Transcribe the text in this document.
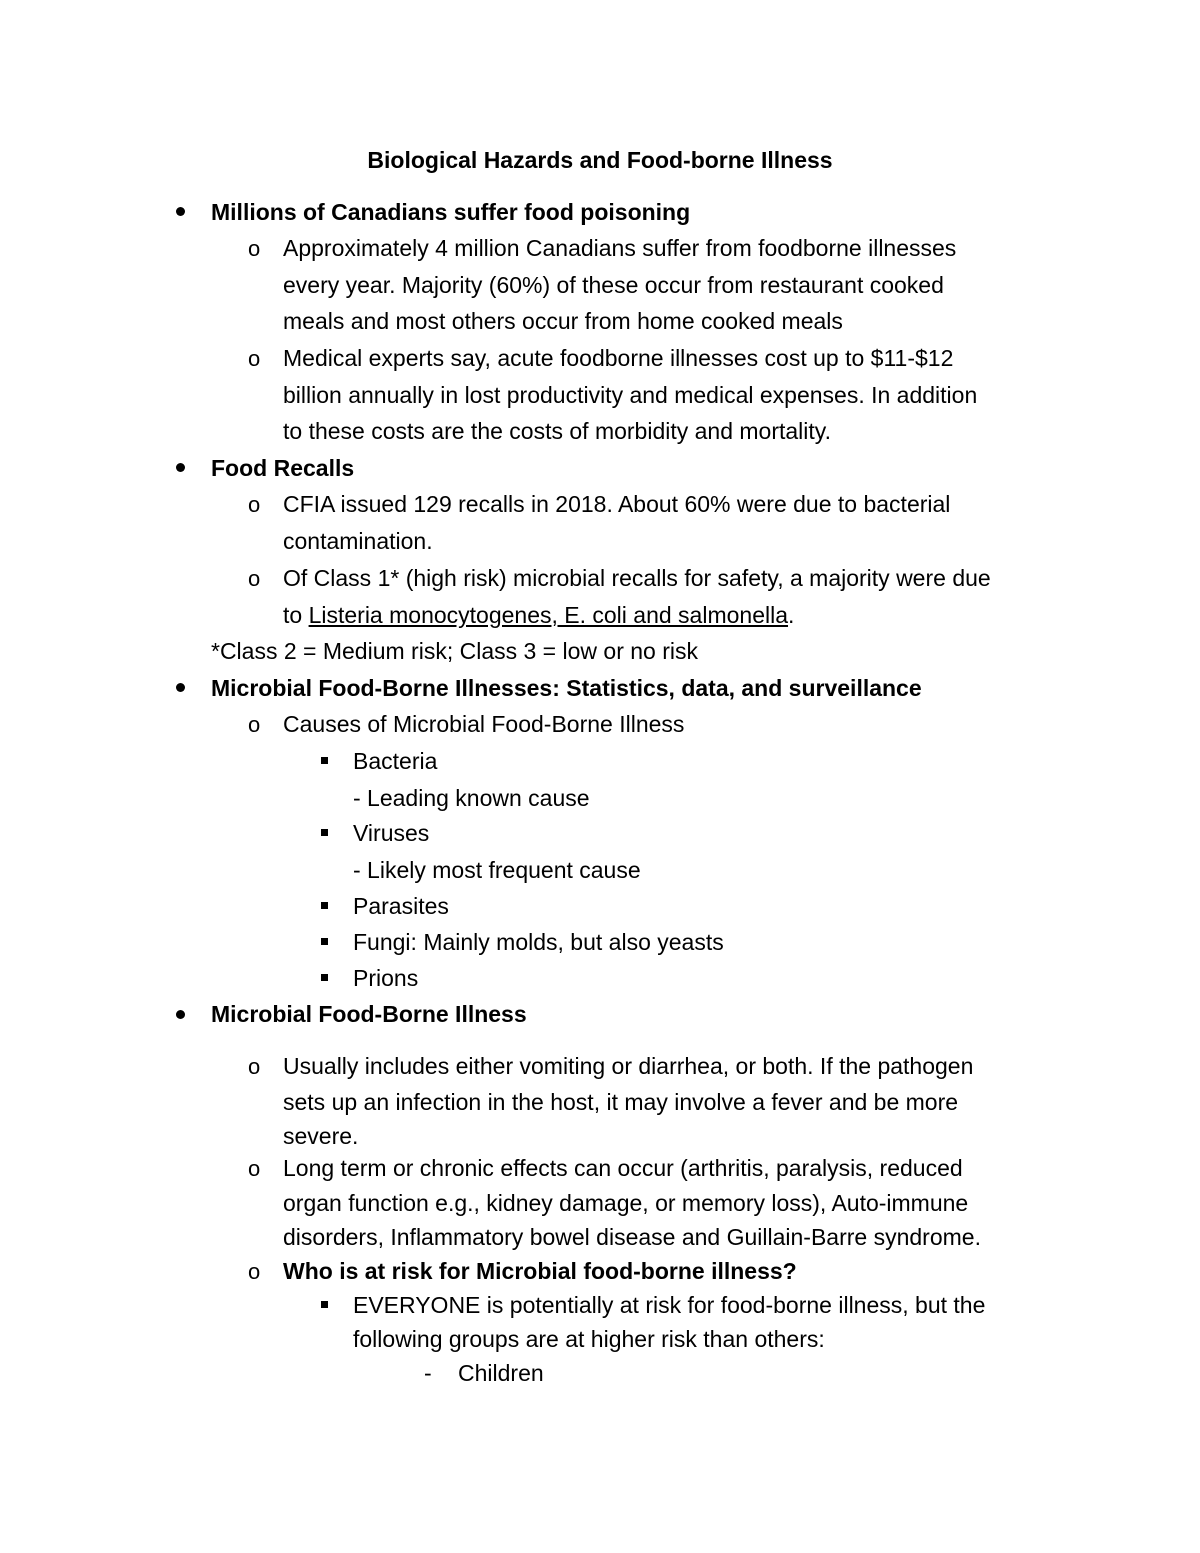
Biological Hazards and Food-borne Illness
Millions of Canadians suffer food poisoning
o Approximately 4 million Canadians suffer from foodborne illnesses
every year. Majority (60%) of these occur from restaurant cooked
meals and most others occur from home cooked meals
o Medical experts say, acute foodborne illnesses cost up to $11-$12
billion annually in lost productivity and medical expenses. In addition
to these costs are the costs of morbidity and mortality.
Food Recalls
o CFIA issued 129 recalls in 2018. About 60% were due to bacterial
contamination.
o Of Class 1* (high risk) microbial recalls for safety, a majority were due
to Listeria monocytogenes, E. coli and salmonella.
*Class 2 = Medium risk; Class 3 = low or no risk
Microbial Food-Borne Illnesses: Statistics, data, and surveillance
o Causes of Microbial Food-Borne Illness
Bacteria
- Leading known cause
Viruses
- Likely most frequent cause
Parasites
Fungi: Mainly molds, but also yeasts
Prions
Microbial Food-Borne Illness
o Usually includes either vomiting or diarrhea, or both. If the pathogen
sets up an infection in the host, it may involve a fever and be more
severe.
o Long term or chronic effects can occur (arthritis, paralysis, reduced
organ function e.g., kidney damage, or memory loss), Auto-immune
disorders, Inflammatory bowel disease and Guillain-Barre syndrome.
o Who is at risk for Microbial food-borne illness?
EVERYONE is potentially at risk for food-borne illness, but the
following groups are at higher risk than others:
- Children
